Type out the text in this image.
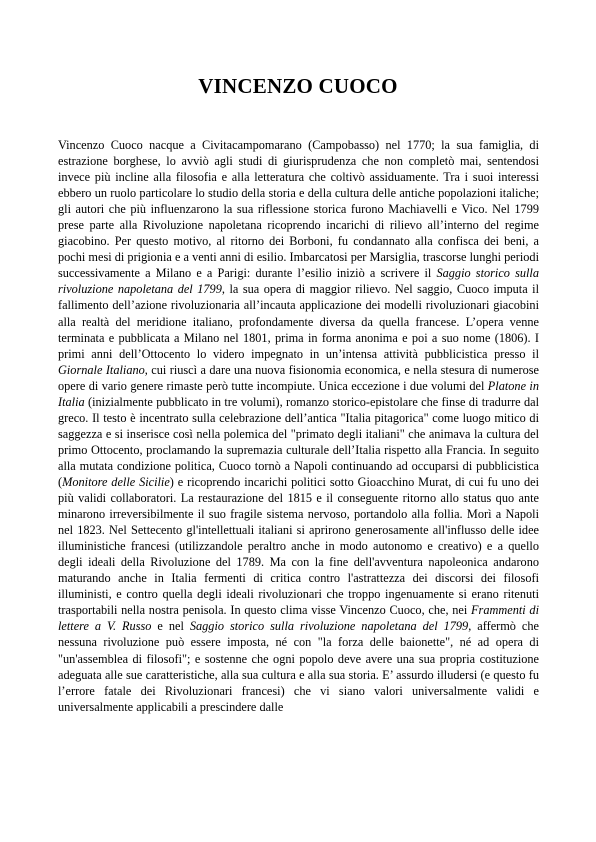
VINCENZO CUOCO

Vincenzo Cuoco nacque a Civitacampomarano (Campobasso) nel 1770; la sua famiglia, di estrazione borghese, lo avviò agli studi di giurisprudenza che non completò mai, sentendosi invece più incline alla filosofia e alla letteratura che coltivò assiduamente. Tra i suoi interessi ebbero un ruolo particolare lo studio della storia e della cultura delle antiche popolazioni italiche; gli autori che più influenzarono la sua riflessione storica furono Machiavelli e Vico. Nel 1799 prese parte alla Rivoluzione napoletana ricoprendo incarichi di rilievo all’interno del regime giacobino. Per questo motivo, al ritorno dei Borboni, fu condannato alla confisca dei beni, a pochi mesi di prigionia e a venti anni di esilio. Imbarcatosi per Marsiglia, trascorse lunghi periodi successivamente a Milano e a Parigi: durante l’esilio iniziò a scrivere il Saggio storico sulla rivoluzione napoletana del 1799, la sua opera di maggior rilievo. Nel saggio, Cuoco imputa il fallimento dell’azione rivoluzionaria all’incauta applicazione dei modelli rivoluzionari giacobini alla realtà del meridione italiano, profondamente diversa da quella francese. L’opera venne terminata e pubblicata a Milano nel 1801, prima in forma anonima e poi a suo nome (1806). I primi anni dell’Ottocento lo videro impegnato in un’intensa attività pubblicistica presso il Giornale Italiano, cui riuscì a dare una nuova fisionomia economica, e nella stesura di numerose opere di vario genere rimaste però tutte incompiute. Unica eccezione i due volumi del Platone in Italia (inizialmente pubblicato in tre volumi), romanzo storico-epistolare che finse di tradurre dal greco. Il testo è incentrato sulla celebrazione dell’antica "Italia pitagorica" come luogo mitico di saggezza e si inserisce così nella polemica del "primato degli italiani" che animava la cultura del primo Ottocento, proclamando la supremazia culturale dell’Italia rispetto alla Francia. In seguito alla mutata condizione politica, Cuoco tornò a Napoli continuando ad occuparsi di pubblicistica (Monitore delle Sicilie) e ricoprendo incarichi politici sotto Gioacchino Murat, di cui fu uno dei più validi collaboratori. La restaurazione del 1815 e il conseguente ritorno allo status quo ante minarono irreversibilmente il suo fragile sistema nervoso, portandolo alla follia. Morì a Napoli nel 1823. Nel Settecento gl'intellettuali italiani si aprirono generosamente all'influsso delle idee illuministiche francesi (utilizzandole peraltro anche in modo autonomo e creativo) e a quello degli ideali della Rivoluzione del 1789. Ma con la fine dell'avventura napoleonica andarono maturando anche in Italia fermenti di critica contro l'astrattezza dei discorsi dei filosofi illuministi, e contro quella degli ideali rivoluzionari che troppo ingenuamente si erano ritenuti trasportabili nella nostra penisola. In questo clima visse Vincenzo Cuoco, che, nei Frammenti di lettere a V. Russo e nel Saggio storico sulla rivoluzione napoletana del 1799, affermò che nessuna rivoluzione può essere imposta, né con "la forza delle baionette", né ad opera di "un'assemblea di filosofi"; e sostenne che ogni popolo deve avere una sua propria costituzione adeguata alle sue caratteristiche, alla sua cultura e alla sua storia. E’ assurdo illudersi (e questo fu l’errore fatale dei Rivoluzionari francesi) che vi siano valori universalmente validi e universalmente applicabili a prescindere dalle
